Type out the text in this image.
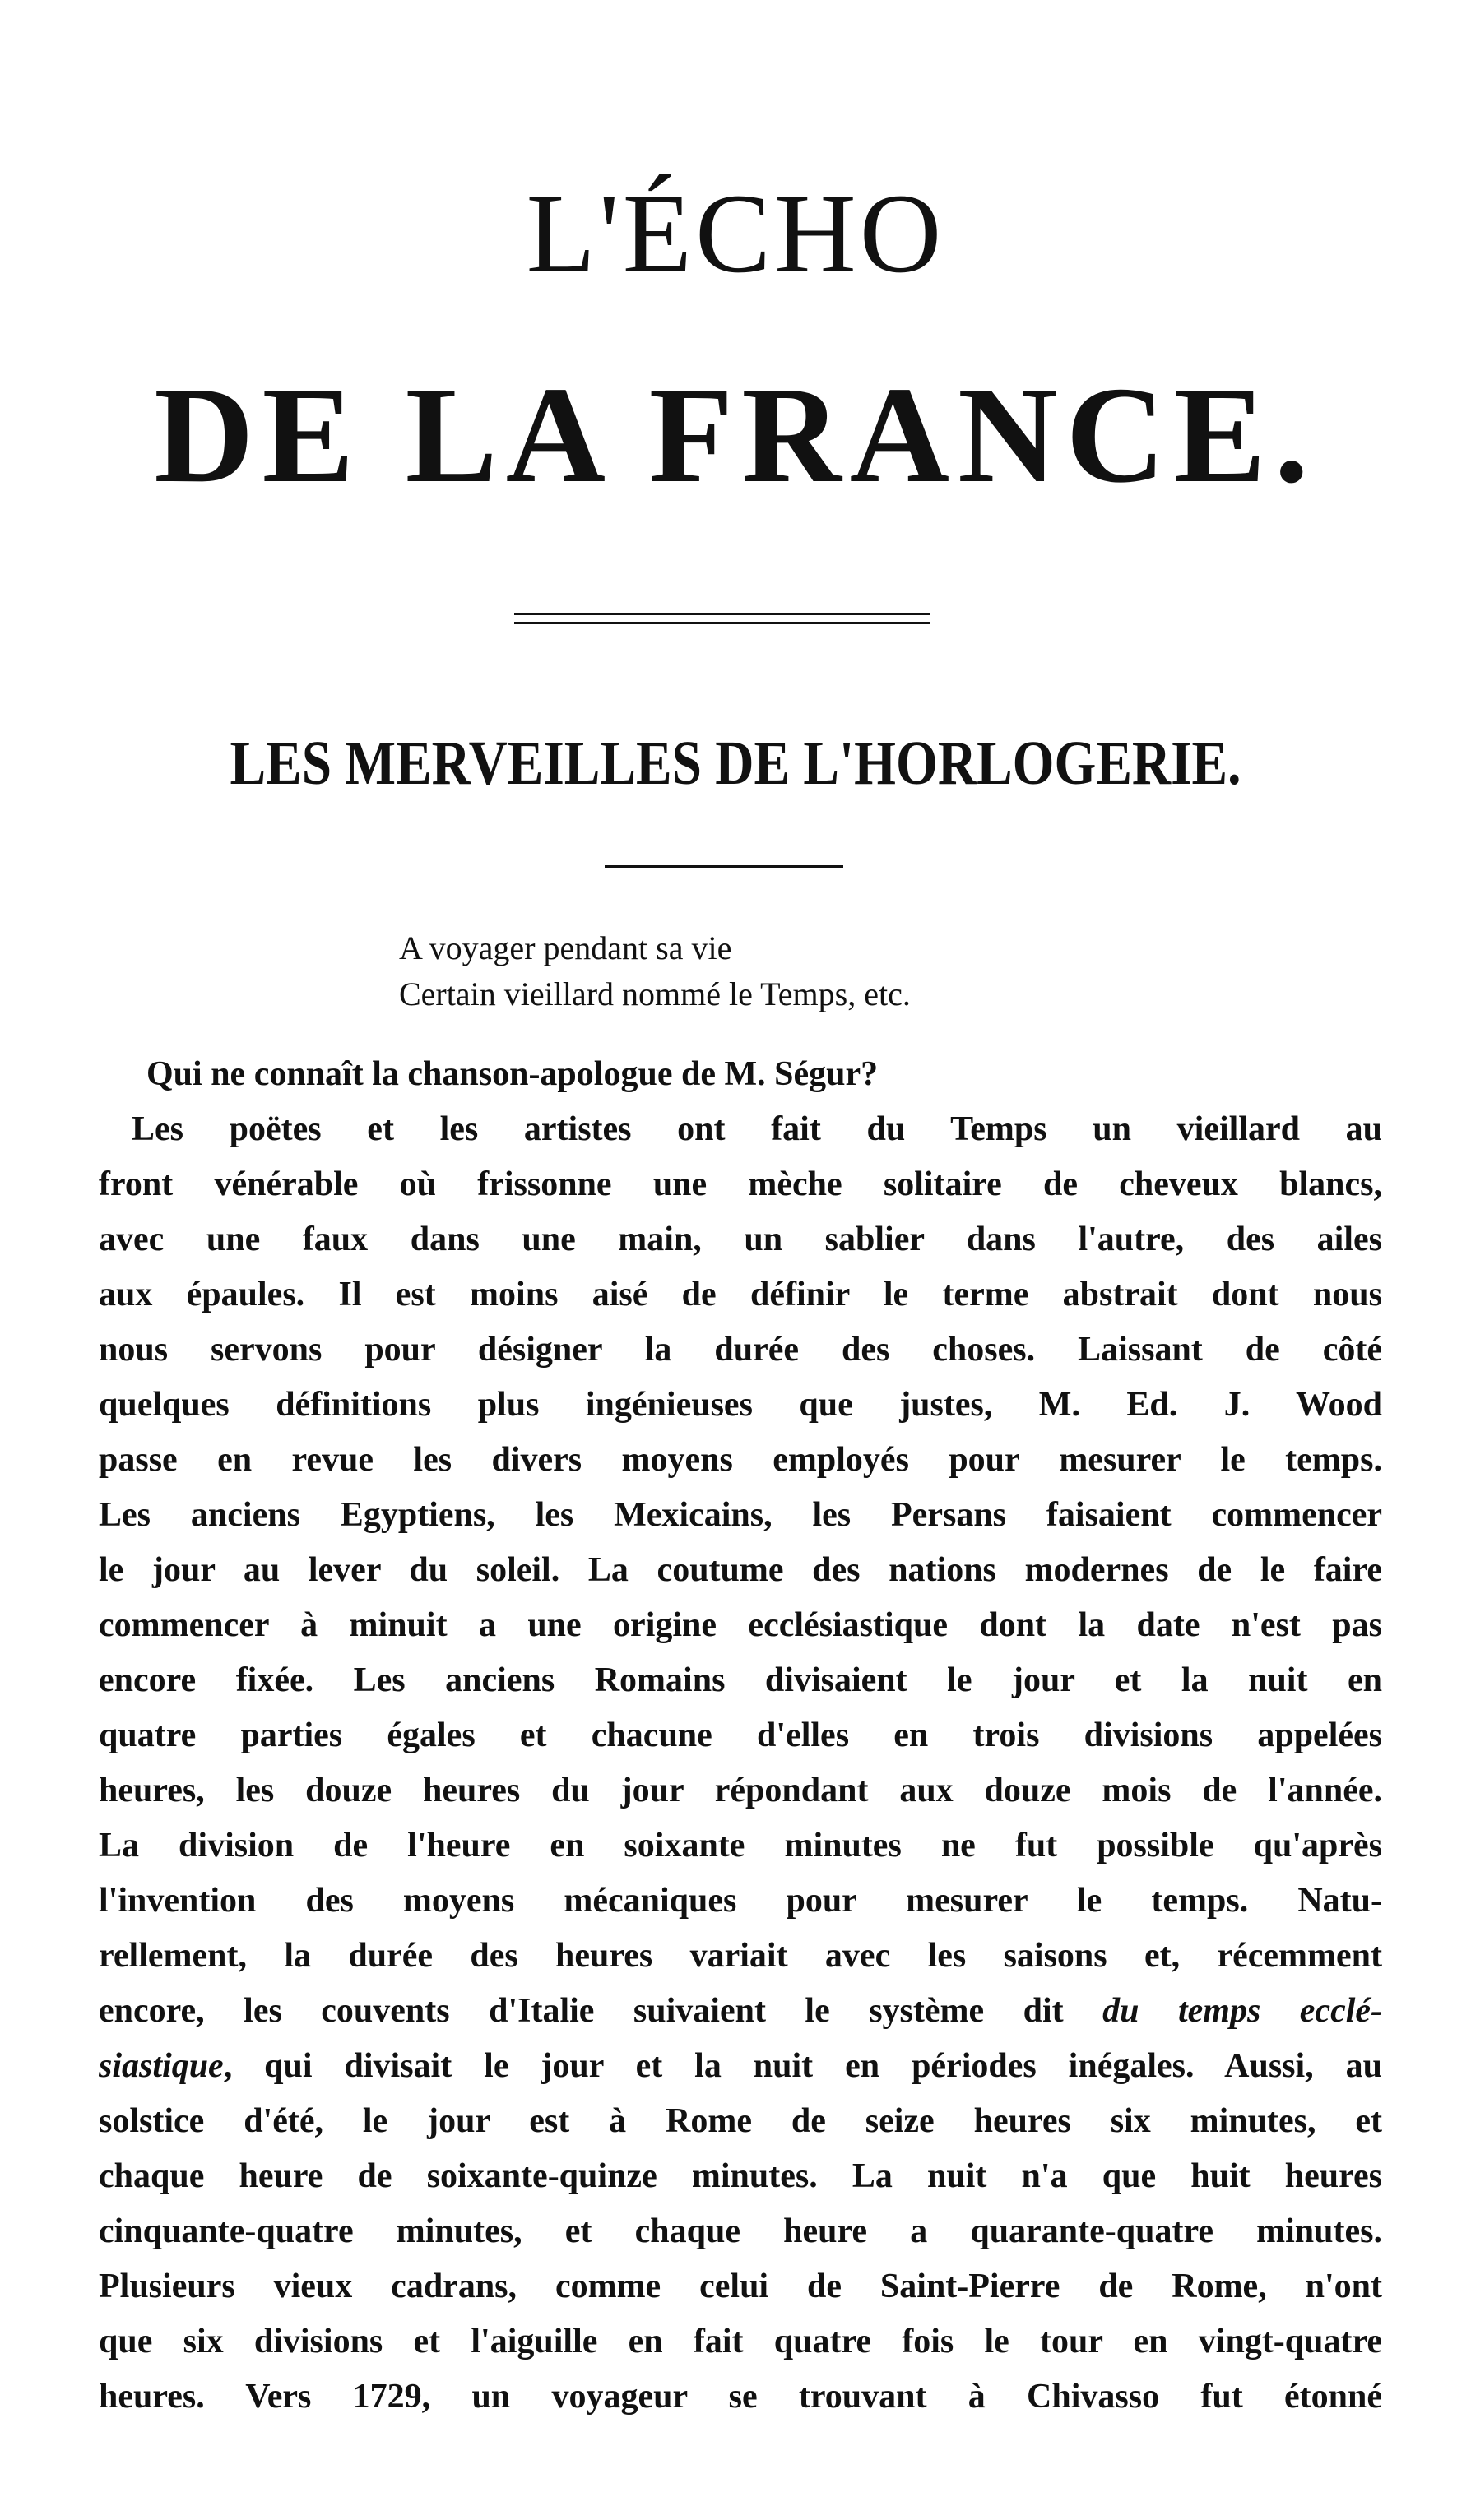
L'ÉCHO
DE LA FRANCE.
LES MERVEILLES DE L'HORLOGERIE.
A voyager pendant sa vie
Certain vieillard nommé le Temps, etc.
Qui ne connaît la chanson-apologue de M. Ségur?
Les poëtes et les artistes ont fait du Temps un vieillard au
front vénérable où frissonne une mèche solitaire de cheveux blancs,
avec une faux dans une main, un sablier dans l'autre, des ailes
aux épaules. Il est moins aisé de définir le terme abstrait dont nous
nous servons pour désigner la durée des choses. Laissant de côté
quelques définitions plus ingénieuses que justes, M. Ed. J. Wood
passe en revue les divers moyens employés pour mesurer le temps.
Les anciens Egyptiens, les Mexicains, les Persans faisaient commencer
le jour au lever du soleil. La coutume des nations modernes de le faire
commencer à minuit a une origine ecclésiastique dont la date n'est pas
encore fixée. Les anciens Romains divisaient le jour et la nuit en
quatre parties égales et chacune d'elles en trois divisions appelées
heures, les douze heures du jour répondant aux douze mois de l'année.
La division de l'heure en soixante minutes ne fut possible qu'après
l'invention des moyens mécaniques pour mesurer le temps. Natu-
rellement, la durée des heures variait avec les saisons et, récemment
encore, les couvents d'Italie suivaient le système dit du temps ecclé-
siastique, qui divisait le jour et la nuit en périodes inégales. Aussi, au
solstice d'été, le jour est à Rome de seize heures six minutes, et
chaque heure de soixante-quinze minutes. La nuit n'a que huit heures
cinquante-quatre minutes, et chaque heure a quarante-quatre minutes.
Plusieurs vieux cadrans, comme celui de Saint-Pierre de Rome, n'ont
que six divisions et l'aiguille en fait quatre fois le tour en vingt-quatre
heures. Vers 1729, un voyageur se trouvant à Chivasso fut étonné
